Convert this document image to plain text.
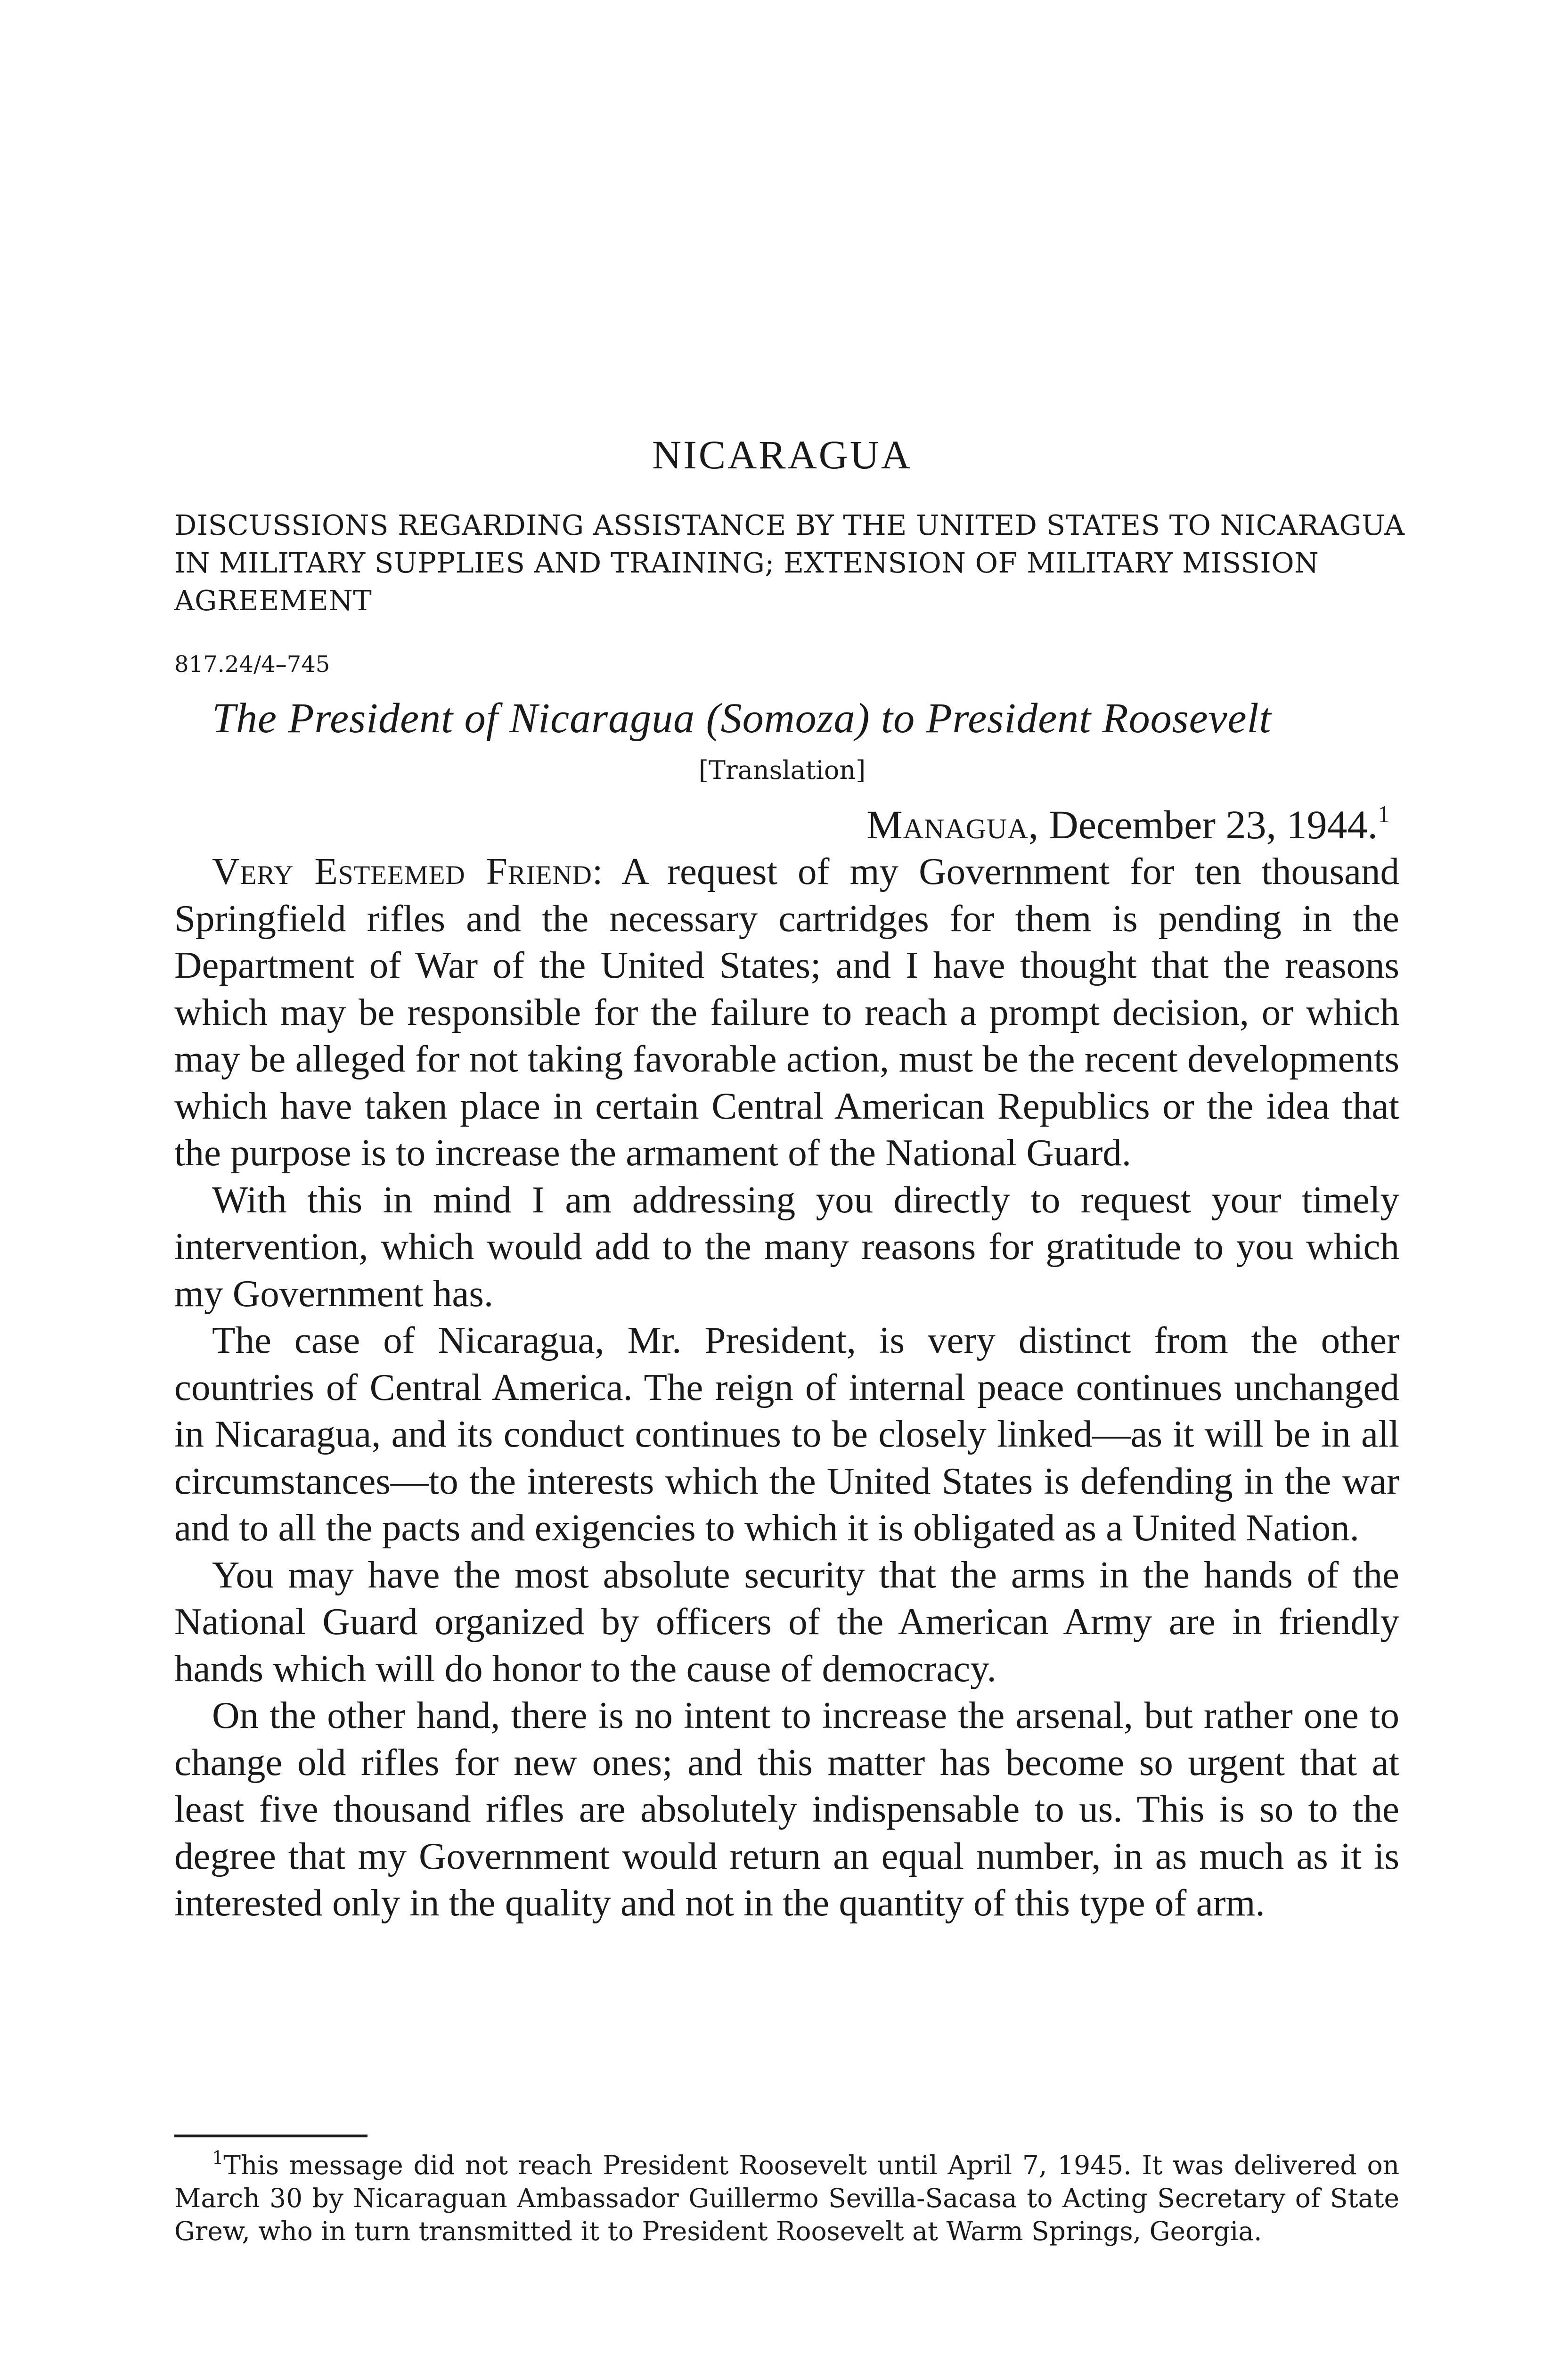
NICARAGUA
DISCUSSIONS REGARDING ASSISTANCE BY THE UNITED STATES TO NICARAGUA IN MILITARY SUPPLIES AND TRAINING; EXTENSION OF MILITARY MISSION AGREEMENT
817.24/4–745
The President of Nicaragua (Somoza) to President Roosevelt
[Translation]
Managua, December 23, 1944.$^1$

Very Esteemed Friend: A request of my Government for ten thousand Springfield rifles and the necessary cartridges for them is pending in the Department of War of the United States; and I have thought that the reasons which may be responsible for the failure to reach a prompt decision, or which may be alleged for not taking favorable action, must be the recent developments which have taken place in certain Central American Republics or the idea that the purpose is to increase the armament of the National Guard.

With this in mind I am addressing you directly to request your timely intervention, which would add to the many reasons for gratitude to you which my Government has.

The case of Nicaragua, Mr. President, is very distinct from the other countries of Central America. The reign of internal peace continues unchanged in Nicaragua, and its conduct continues to be closely linked—as it will be in all circumstances—to the interests which the United States is defending in the war and to all the pacts and exigencies to which it is obligated as a United Nation.

You may have the most absolute security that the arms in the hands of the National Guard organized by officers of the American Army are in friendly hands which will do honor to the cause of democracy.

On the other hand, there is no intent to increase the arsenal, but rather one to change old rifles for new ones; and this matter has become so urgent that at least five thousand rifles are absolutely indispensable to us. This is so to the degree that my Government would return an equal number, in as much as it is interested only in the quality and not in the quantity of this type of arm.

$^1$This message did not reach President Roosevelt until April 7, 1945. It was delivered on March 30 by Nicaraguan Ambassador Guillermo Sevilla-Sacasa to Acting Secretary of State Grew, who in turn transmitted it to President Roosevelt at Warm Springs, Georgia.
